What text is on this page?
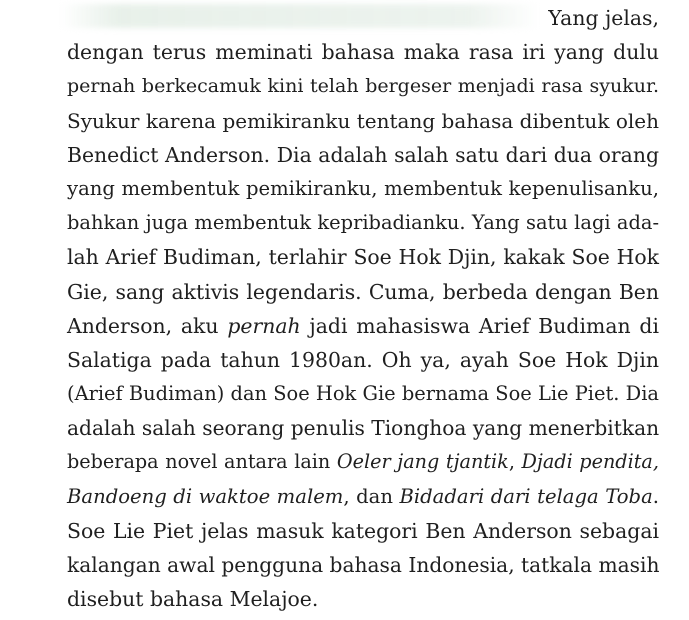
Yang jelas,
dengan terus meminati bahasa maka rasa iri yang dulu
pernah berkecamuk kini telah bergeser menjadi rasa syukur.
Syukur karena pemikiranku tentang bahasa dibentuk oleh
Benedict Anderson. Dia adalah salah satu dari dua orang
yang membentuk pemikiranku, membentuk kepenulisanku,
bahkan juga membentuk kepribadianku. Yang satu lagi ada-
lah Arief Budiman, terlahir Soe Hok Djin, kakak Soe Hok
Gie, sang aktivis legendaris. Cuma, berbeda dengan Ben
Anderson, aku pernah jadi mahasiswa Arief Budiman di
Salatiga pada tahun 1980an. Oh ya, ayah Soe Hok Djin
(Arief Budiman) dan Soe Hok Gie bernama Soe Lie Piet. Dia
adalah salah seorang penulis Tionghoa yang menerbitkan
beberapa novel antara lain Oeler jang tjantik, Djadi pendita,
Bandoeng di waktoe malem, dan Bidadari dari telaga Toba.
Soe Lie Piet jelas masuk kategori Ben Anderson sebagai
kalangan awal pengguna bahasa Indonesia, tatkala masih
disebut bahasa Melajoe.
